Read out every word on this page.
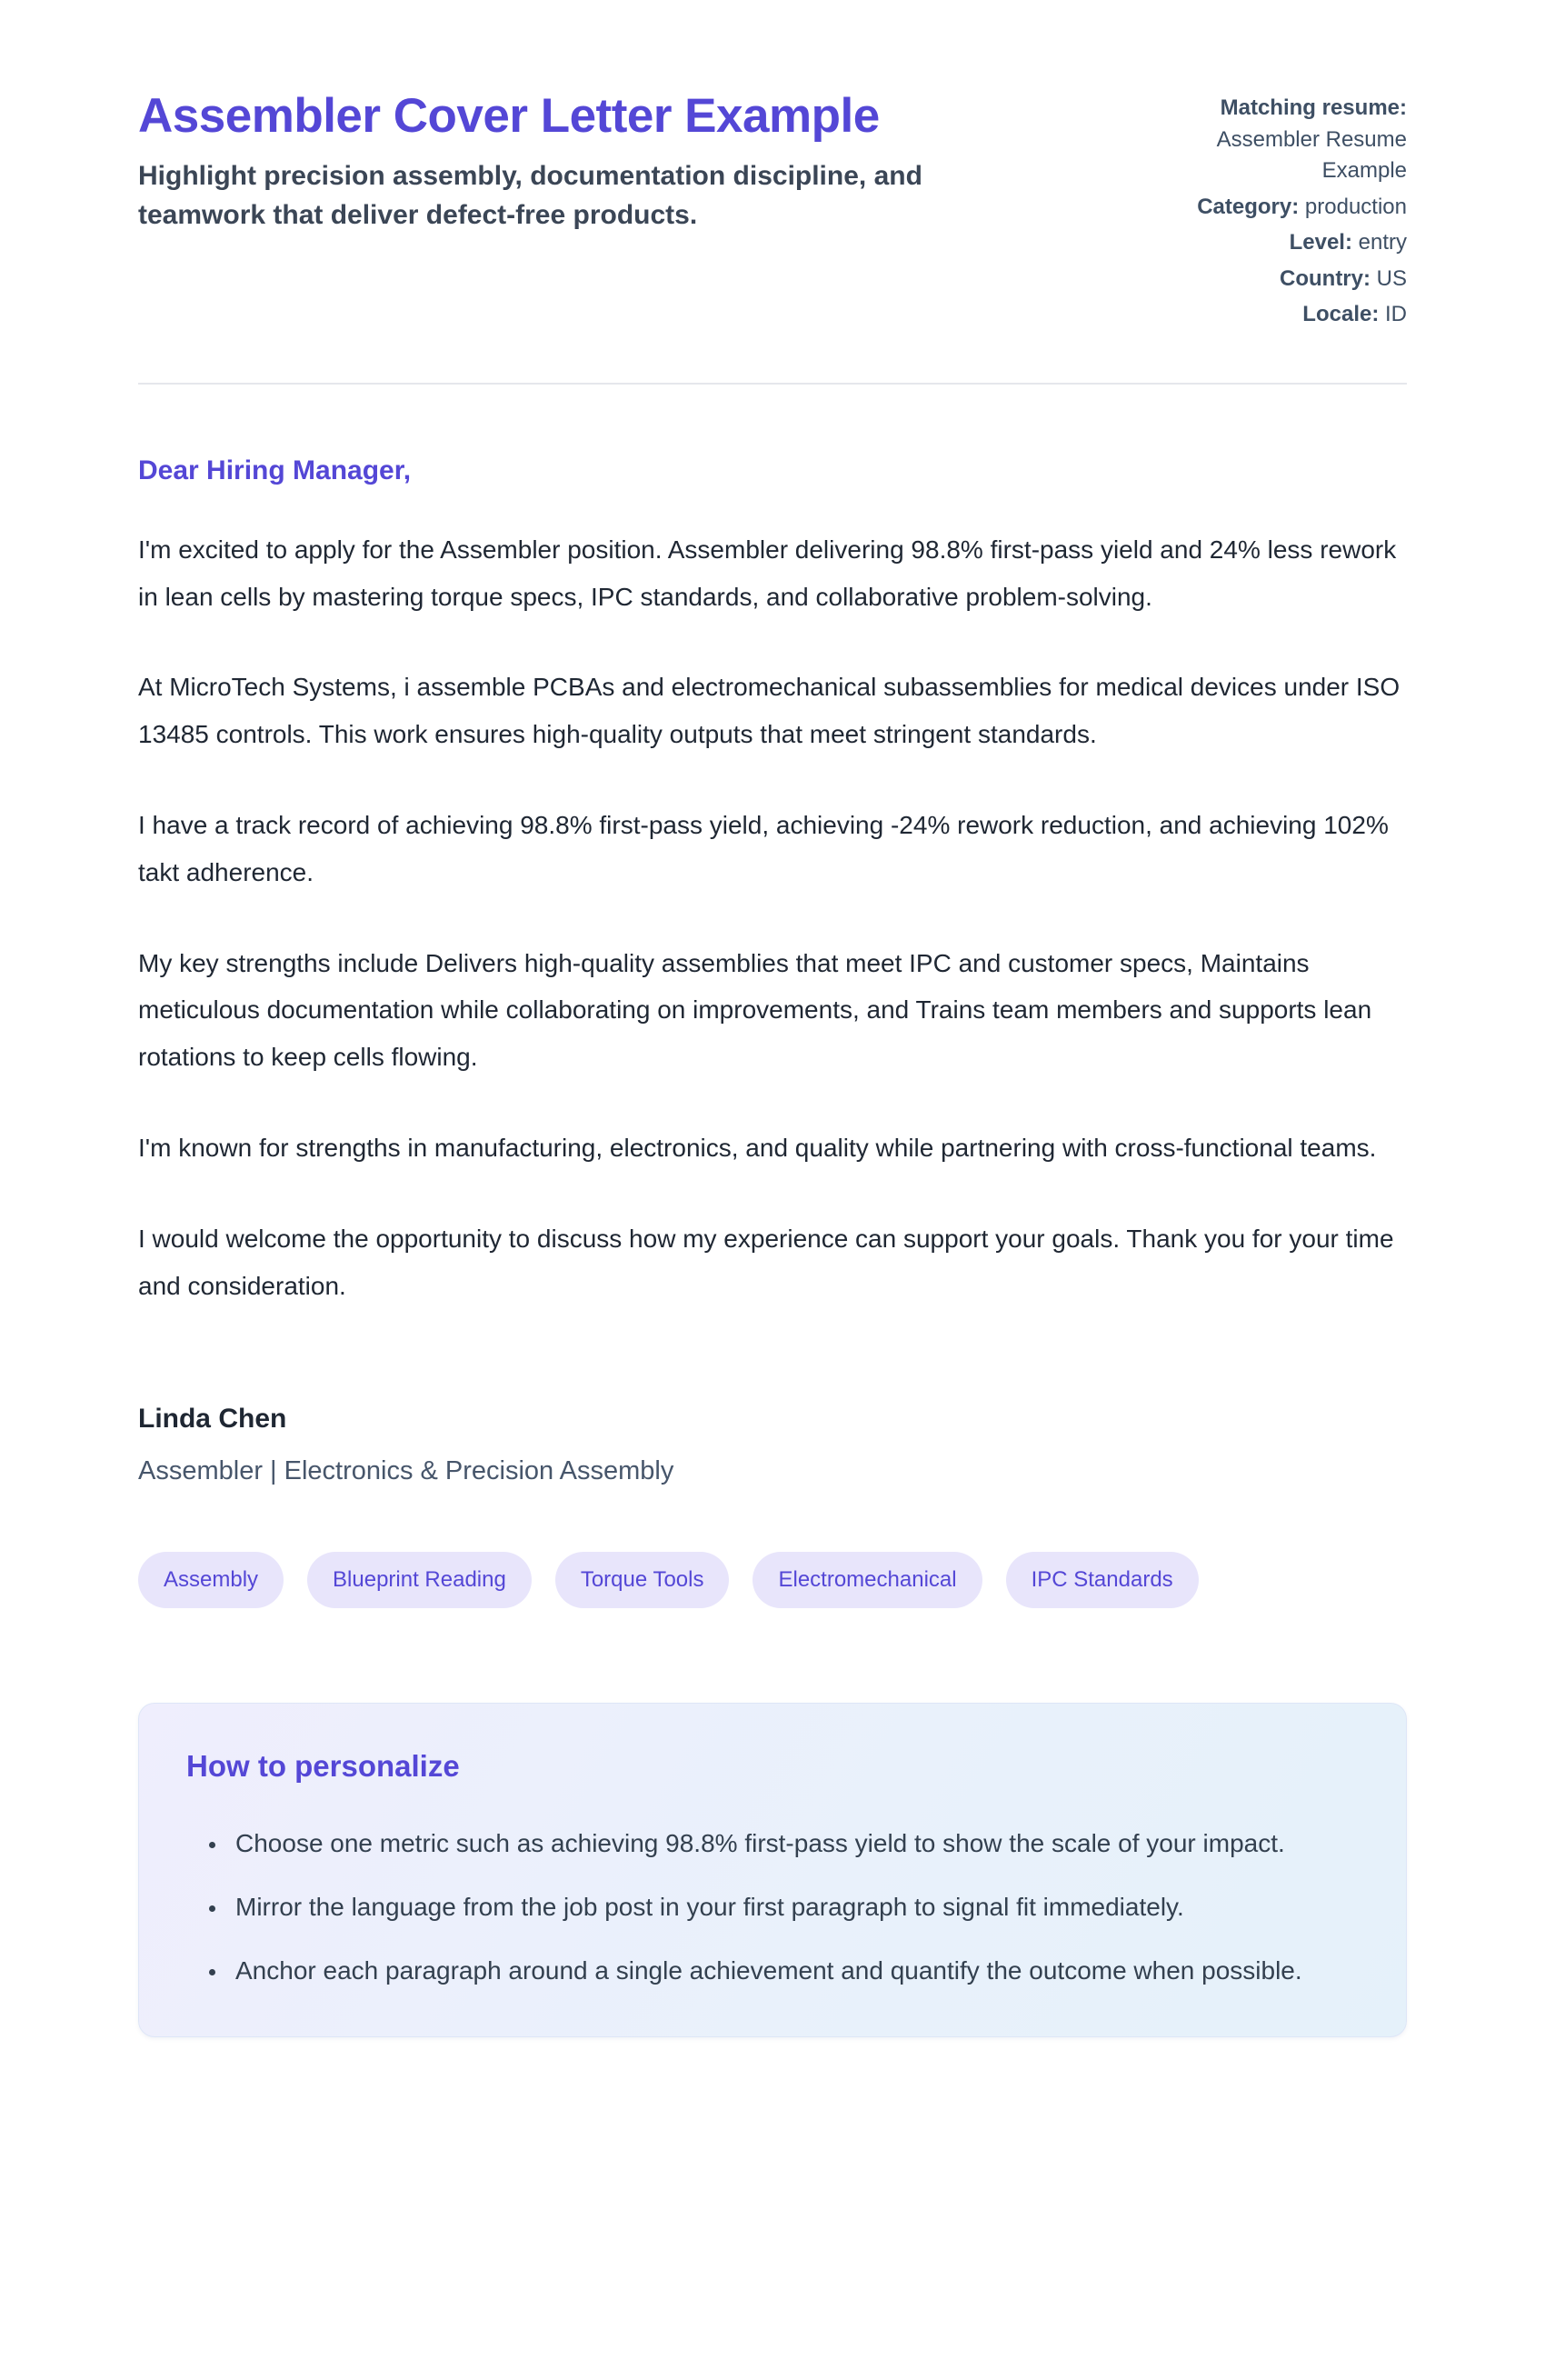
Assembler Cover Letter Example

Highlight precision assembly, documentation discipline, and teamwork that deliver defect-free products.

Matching resume: Assembler Resume Example
Category: production
Level: entry
Country: US
Locale: ID

Dear Hiring Manager,

I'm excited to apply for the Assembler position. Assembler delivering 98.8% first-pass yield and 24% less rework in lean cells by mastering torque specs, IPC standards, and collaborative problem-solving.

At MicroTech Systems, i assemble PCBAs and electromechanical subassemblies for medical devices under ISO 13485 controls. This work ensures high-quality outputs that meet stringent standards.

I have a track record of achieving 98.8% first-pass yield, achieving -24% rework reduction, and achieving 102% takt adherence.

My key strengths include Delivers high-quality assemblies that meet IPC and customer specs, Maintains meticulous documentation while collaborating on improvements, and Trains team members and supports lean rotations to keep cells flowing.

I'm known for strengths in manufacturing, electronics, and quality while partnering with cross-functional teams.

I would welcome the opportunity to discuss how my experience can support your goals. Thank you for your time and consideration.

Linda Chen

Assembler | Electronics & Precision Assembly

Assembly	Blueprint Reading	Torque Tools	Electromechanical	IPC Standards
How to personalize
• Choose one metric such as achieving 98.8% first-pass yield to show the scale of your impact.
• Mirror the language from the job post in your first paragraph to signal fit immediately.
• Anchor each paragraph around a single achievement and quantify the outcome when possible.
